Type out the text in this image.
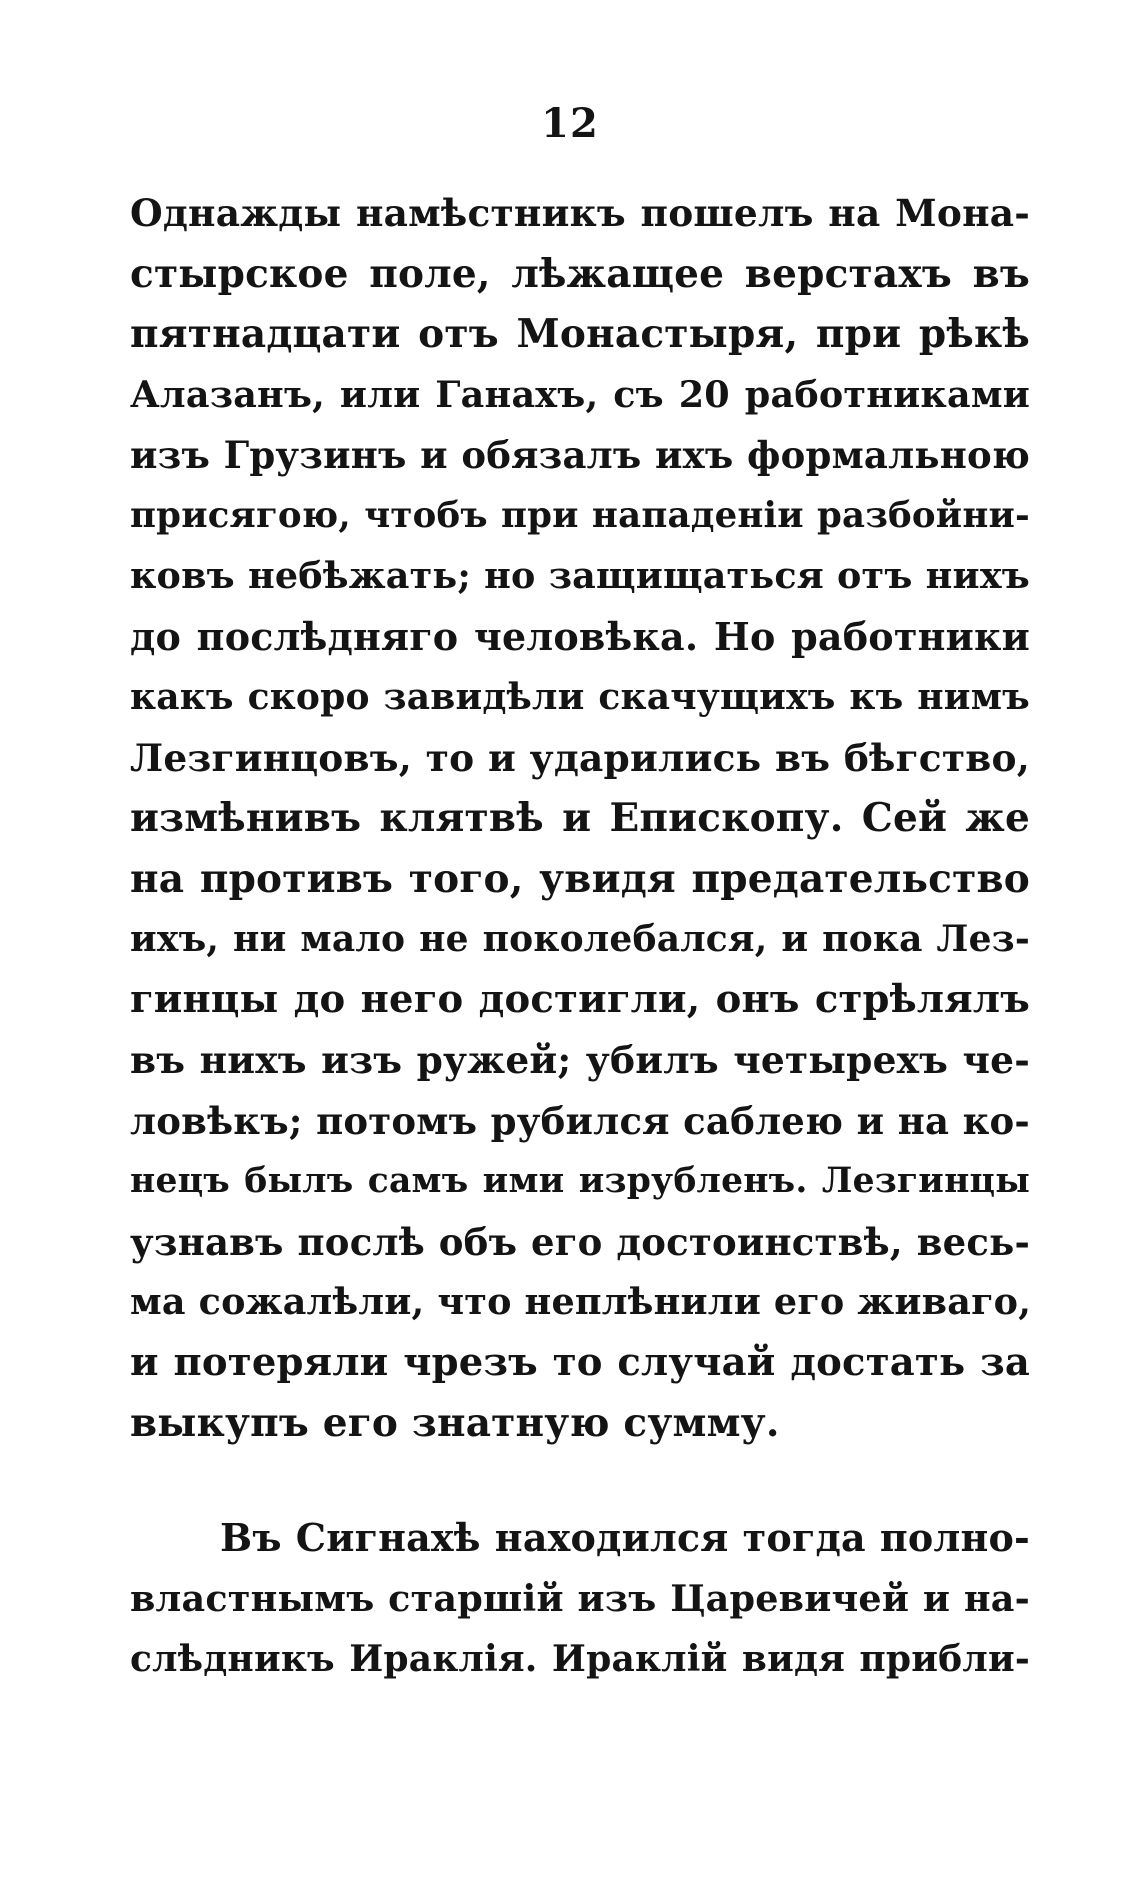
12
Однажды намѣстникъ пошелъ на Мона-
стырское поле, лѣжащее верстахъ въ
пятнадцати отъ Монастыря, при рѣкѣ
Алазанъ, или Ганахъ, съ 20 работниками
изъ Грузинъ и обязалъ ихъ формальною
присягою, чтобъ при нападенiи разбойни-
ковъ небѣжать; но защищаться отъ нихъ
до послѣдняго человѣка. Но работники
какъ скоро завидѣли скачущихъ къ нимъ
Лезгинцовъ, то и ударились въ бѣгство,
измѣнивъ клятвѣ и Епископу. Сей же
на противъ того, увидя предательство
ихъ, ни мало не поколебался, и пока Лез-
гинцы до него достигли, онъ стрѣлялъ
въ нихъ изъ ружей; убилъ четырехъ че-
ловѣкъ; потомъ рубился саблею и на ко-
нецъ былъ самъ ими изрубленъ. Лезгинцы
узнавъ послѣ объ его достоинствѣ, весь-
ма сожалѣли, что неплѣнили его живаго,
и потеряли чрезъ то случай достать за
выкупъ его знатную сумму.
Въ Сигнахѣ находился тогда полно-
властнымъ старшiй изъ Царевичей и на-
слѣдникъ Ираклiя. Ираклiй видя прибли-
